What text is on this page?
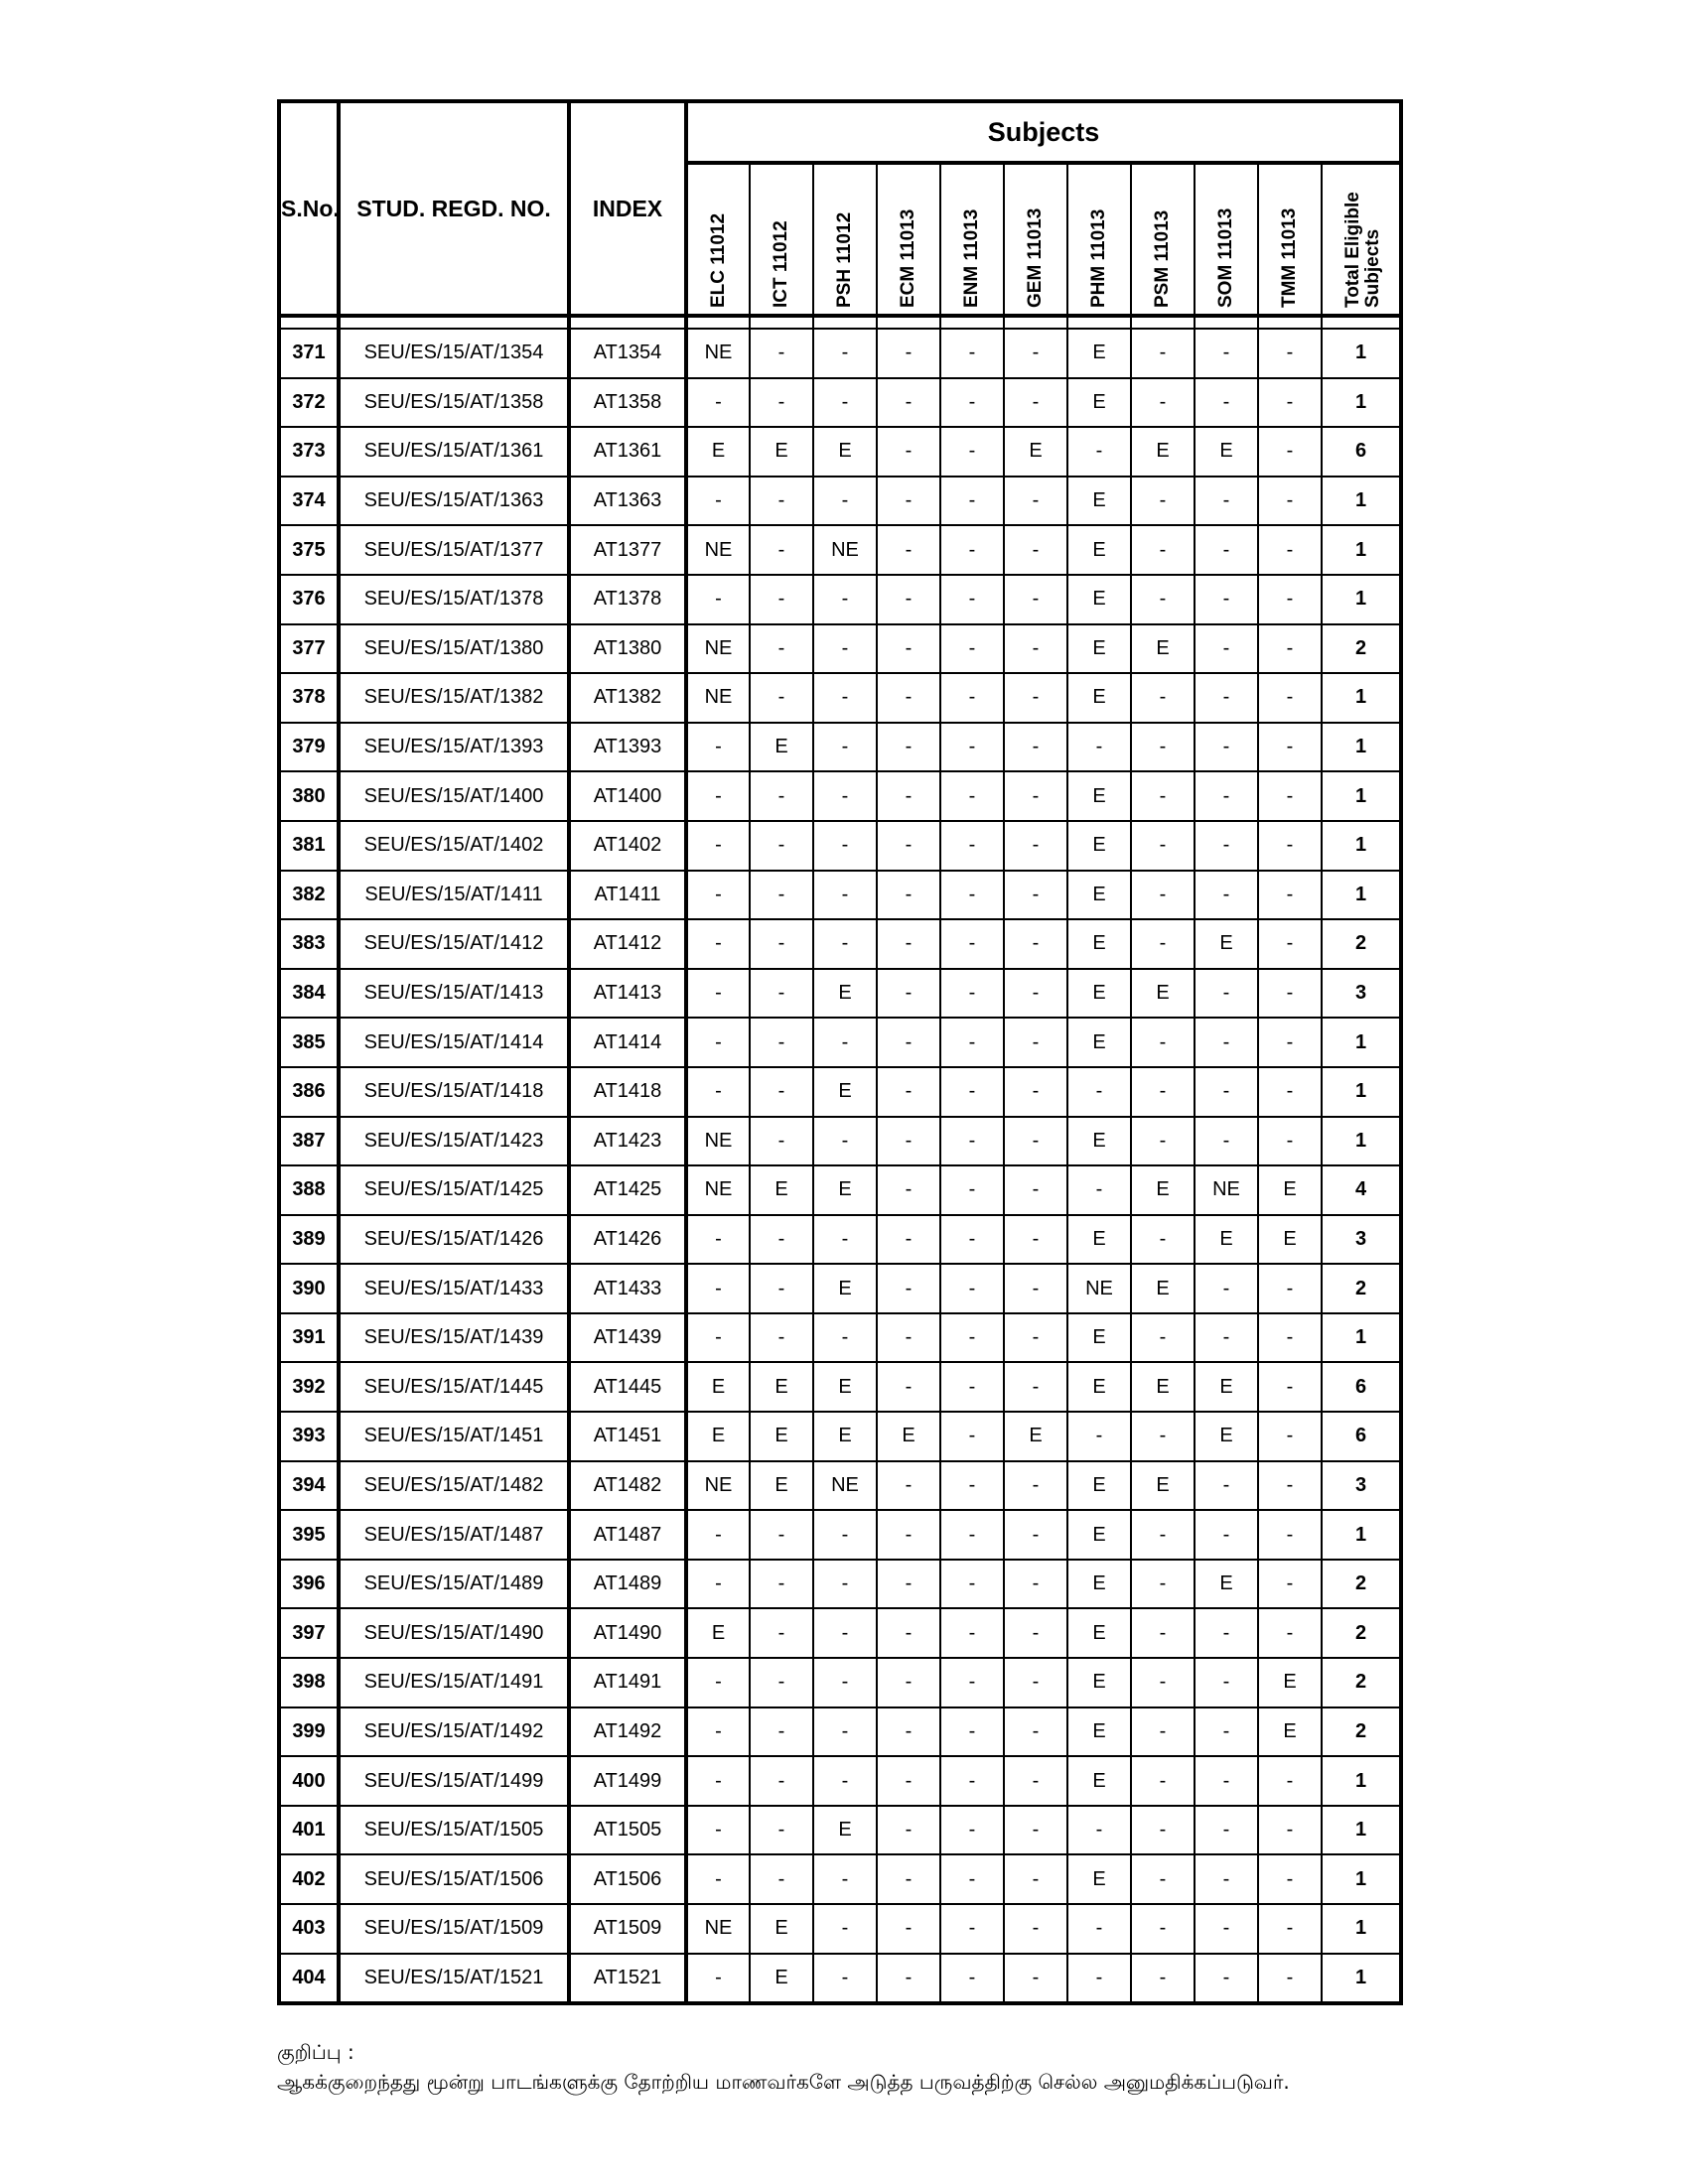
S.No.	STUD. REGD. NO.	INDEX	Subjects										

			ELC 11012	ICT 11012	PSH 11012	ECM 11013	ENM 11013	GEM 11013	PHM 11013	PSM 11013	SOM 11013	TMM 11013	Total Eligible Subjects

371	SEU/ES/15/AT/1354	AT1354	NE	-	-	-	-	-	E	-	-	-	1
372	SEU/ES/15/AT/1358	AT1358	-	-	-	-	-	-	E	-	-	-	1
373	SEU/ES/15/AT/1361	AT1361	E	E	E	-	-	E	-	E	E	-	6
374	SEU/ES/15/AT/1363	AT1363	-	-	-	-	-	-	E	-	-	-	1
375	SEU/ES/15/AT/1377	AT1377	NE	-	NE	-	-	-	E	-	-	-	1
376	SEU/ES/15/AT/1378	AT1378	-	-	-	-	-	-	E	-	-	-	1
377	SEU/ES/15/AT/1380	AT1380	NE	-	-	-	-	-	E	E	-	-	2
378	SEU/ES/15/AT/1382	AT1382	NE	-	-	-	-	-	E	-	-	-	1
379	SEU/ES/15/AT/1393	AT1393	-	E	-	-	-	-	-	-	-	-	1
380	SEU/ES/15/AT/1400	AT1400	-	-	-	-	-	-	E	-	-	-	1
381	SEU/ES/15/AT/1402	AT1402	-	-	-	-	-	-	E	-	-	-	1
382	SEU/ES/15/AT/1411	AT1411	-	-	-	-	-	-	E	-	-	-	1
383	SEU/ES/15/AT/1412	AT1412	-	-	-	-	-	-	E	-	E	-	2
384	SEU/ES/15/AT/1413	AT1413	-	-	E	-	-	-	E	E	-	-	3
385	SEU/ES/15/AT/1414	AT1414	-	-	-	-	-	-	E	-	-	-	1
386	SEU/ES/15/AT/1418	AT1418	-	-	E	-	-	-	-	-	-	-	1
387	SEU/ES/15/AT/1423	AT1423	NE	-	-	-	-	-	E	-	-	-	1
388	SEU/ES/15/AT/1425	AT1425	NE	E	E	-	-	-	-	E	NE	E	4
389	SEU/ES/15/AT/1426	AT1426	-	-	-	-	-	-	E	-	E	E	3
390	SEU/ES/15/AT/1433	AT1433	-	-	E	-	-	-	NE	E	-	-	2
391	SEU/ES/15/AT/1439	AT1439	-	-	-	-	-	-	E	-	-	-	1
392	SEU/ES/15/AT/1445	AT1445	E	E	E	-	-	-	E	E	E	-	6
393	SEU/ES/15/AT/1451	AT1451	E	E	E	E	-	E	-	-	E	-	6
394	SEU/ES/15/AT/1482	AT1482	NE	E	NE	-	-	-	E	E	-	-	3
395	SEU/ES/15/AT/1487	AT1487	-	-	-	-	-	-	E	-	-	-	1
396	SEU/ES/15/AT/1489	AT1489	-	-	-	-	-	-	E	-	E	-	2
397	SEU/ES/15/AT/1490	AT1490	E	-	-	-	-	-	E	-	-	-	2
398	SEU/ES/15/AT/1491	AT1491	-	-	-	-	-	-	E	-	-	E	2
399	SEU/ES/15/AT/1492	AT1492	-	-	-	-	-	-	E	-	-	E	2
400	SEU/ES/15/AT/1499	AT1499	-	-	-	-	-	-	E	-	-	-	1
401	SEU/ES/15/AT/1505	AT1505	-	-	E	-	-	-	-	-	-	-	1
402	SEU/ES/15/AT/1506	AT1506	-	-	-	-	-	-	E	-	-	-	1
403	SEU/ES/15/AT/1509	AT1509	NE	E	-	-	-	-	-	-	-	-	1
404	SEU/ES/15/AT/1521	AT1521	-	E	-	-	-	-	-	-	-	-	1
குறிப்பு :
ஆகக்குறைந்தது மூன்று பாடங்களுக்கு தோற்றிய மாணவர்களே அடுத்த பருவத்திற்கு செல்ல அனுமதிக்கப்படுவர்.
